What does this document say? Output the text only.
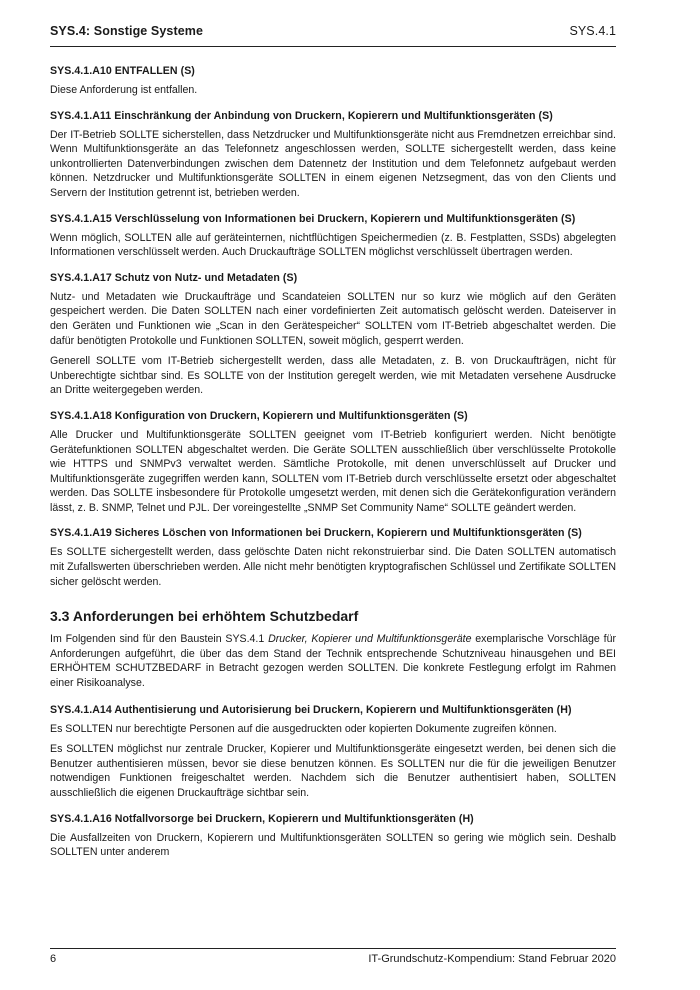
SYS.4: Sonstige Systeme	SYS.4.1
SYS.4.1.A10 ENTFALLEN (S)

Diese Anforderung ist entfallen.

SYS.4.1.A11 Einschränkung der Anbindung von Druckern, Kopierern und Multifunktionsgeräten (S)

Der IT-Betrieb SOLLTE sicherstellen, dass Netzdrucker und Multifunktionsgeräte nicht aus Fremdnetzen erreichbar sind. Wenn Multifunktionsgeräte an das Telefonnetz angeschlossen werden, SOLLTE sichergestellt werden, dass keine unkontrollierten Datenverbindungen zwischen dem Datennetz der Institution und dem Telefonnetz aufgebaut werden können. Netzdrucker und Multifunktionsgeräte SOLLTEN in einem eigenen Netzsegment, das von den Clients und Servern der Institution getrennt ist, betrieben werden.

SYS.4.1.A15 Verschlüsselung von Informationen bei Druckern, Kopierern und Multifunktionsgeräten (S)

Wenn möglich, SOLLTEN alle auf geräteinternen, nichtflüchtigen Speichermedien (z. B. Festplatten, SSDs) abgelegten Informationen verschlüsselt werden. Auch Druckaufträge SOLLTEN möglichst verschlüsselt übertragen werden.

SYS.4.1.A17 Schutz von Nutz- und Metadaten (S)

Nutz- und Metadaten wie Druckaufträge und Scandateien SOLLTEN nur so kurz wie möglich auf den Geräten gespeichert werden. Die Daten SOLLTEN nach einer vordefinierten Zeit automatisch gelöscht werden. Dateiserver in den Geräten und Funktionen wie „Scan in den Gerätespeicher“ SOLLTEN vom IT-Betrieb abgeschaltet werden. Die dafür benötigten Protokolle und Funktionen SOLLTEN, soweit möglich, gesperrt werden.

Generell SOLLTE vom IT-Betrieb sichergestellt werden, dass alle Metadaten, z. B. von Druckaufträgen, nicht für Unberechtigte sichtbar sind. Es SOLLTE von der Institution geregelt werden, wie mit Metadaten versehene Ausdrucke an Dritte weitergegeben werden.

SYS.4.1.A18 Konfiguration von Druckern, Kopierern und Multifunktionsgeräten (S)

Alle Drucker und Multifunktionsgeräte SOLLTEN geeignet vom IT-Betrieb konfiguriert werden. Nicht benötigte Gerätefunktionen SOLLTEN abgeschaltet werden. Die Geräte SOLLTEN ausschließlich über verschlüsselte Protokolle wie HTTPS und SNMPv3 verwaltet werden. Sämtliche Protokolle, mit denen unverschlüsselt auf Drucker und Multifunktionsgeräte zugegriffen werden kann, SOLLTEN vom IT-Betrieb durch verschlüsselte ersetzt oder abgeschaltet werden. Das SOLLTE insbesondere für Protokolle umgesetzt werden, mit denen sich die Gerätekonfiguration verändern lässt, z. B. SNMP, Telnet und PJL. Der voreingestellte „SNMP Set Community Name“ SOLLTE geändert werden.

SYS.4.1.A19 Sicheres Löschen von Informationen bei Druckern, Kopierern und Multifunktionsgeräten (S)

Es SOLLTE sichergestellt werden, dass gelöschte Daten nicht rekonstruierbar sind. Die Daten SOLLTEN automatisch mit Zufallswerten überschrieben werden. Alle nicht mehr benötigten kryptografischen Schlüssel und Zertifikate SOLLTEN sicher gelöscht werden.

3.3 Anforderungen bei erhöhtem Schutzbedarf

Im Folgenden sind für den Baustein SYS.4.1 Drucker, Kopierer und Multifunktionsgeräte exemplarische Vorschläge für Anforderungen aufgeführt, die über das dem Stand der Technik entsprechende Schutzniveau hinausgehen und BEI ERHÖHTEM SCHUTZBEDARF in Betracht gezogen werden SOLLTEN. Die konkrete Festlegung erfolgt im Rahmen einer Risikoanalyse.

SYS.4.1.A14 Authentisierung und Autorisierung bei Druckern, Kopierern und Multifunktionsgeräten (H)

Es SOLLTEN nur berechtigte Personen auf die ausgedruckten oder kopierten Dokumente zugreifen können.

Es SOLLTEN möglichst nur zentrale Drucker, Kopierer und Multifunktionsgeräte eingesetzt werden, bei denen sich die Benutzer authentisieren müssen, bevor sie diese benutzen können. Es SOLLTEN nur die für die jeweiligen Benutzer notwendigen Funktionen freigeschaltet werden. Nachdem sich die Benutzer authentisiert haben, SOLLTEN ausschließlich die eigenen Druckaufträge sichtbar sein.

SYS.4.1.A16 Notfallvorsorge bei Druckern, Kopierern und Multifunktionsgeräten (H)

Die Ausfallzeiten von Druckern, Kopierern und Multifunktionsgeräten SOLLTEN so gering wie möglich sein. Deshalb SOLLTEN unter anderem

6	IT-Grundschutz-Kompendium: Stand Februar 2020
